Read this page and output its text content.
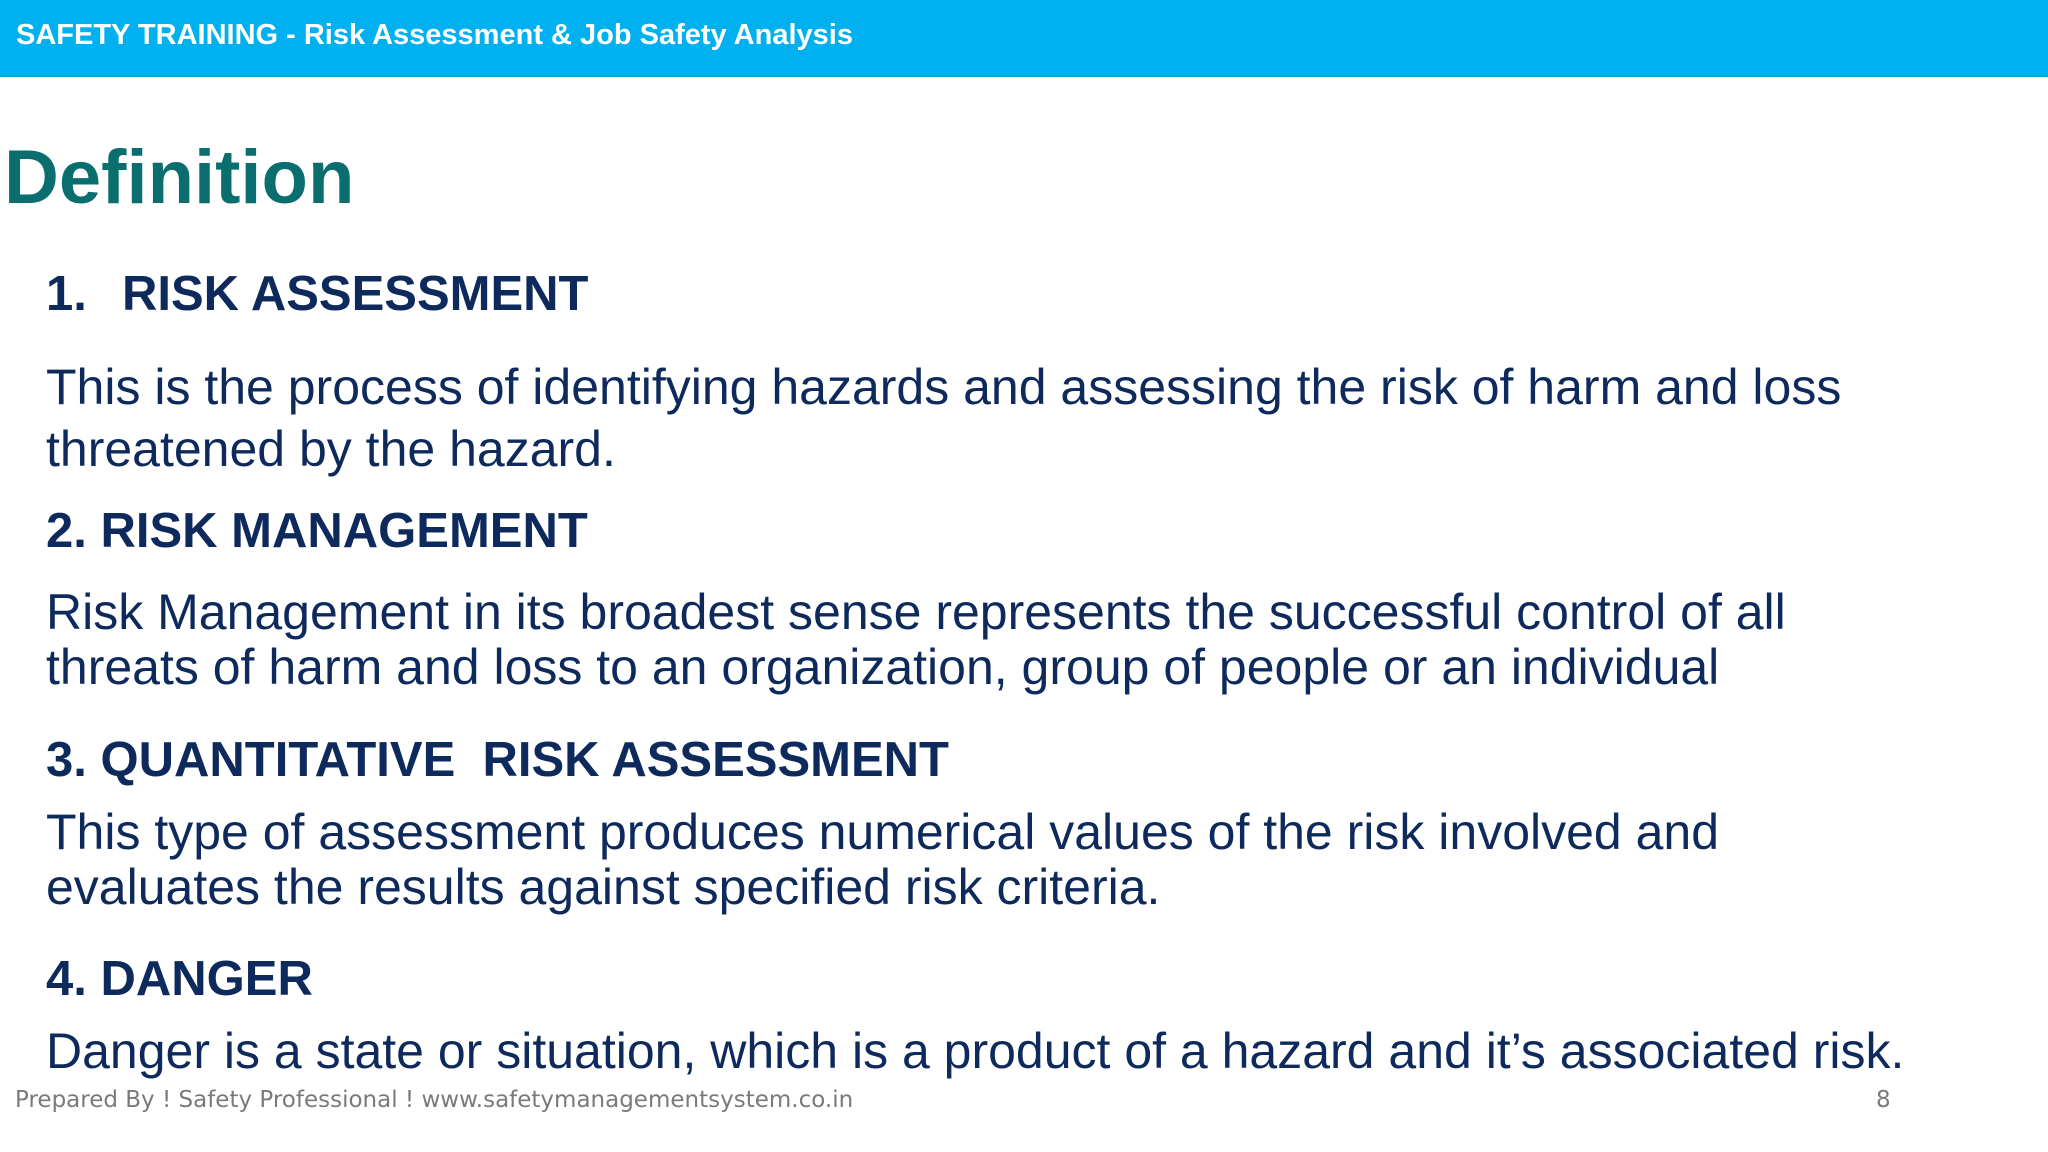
SAFETY TRAINING - Risk Assessment & Job Safety Analysis
Definition
1. RISK ASSESSMENT
This is the process of identifying hazards and assessing the risk of harm and loss
threatened by the hazard.
2. RISK MANAGEMENT
Risk Management in its broadest sense represents the successful control of all
threats of harm and loss to an organization, group of people or an individual
3. QUANTITATIVE  RISK ASSESSMENT
This type of assessment produces numerical values of the risk involved and
evaluates the results against specified risk criteria.
4. DANGER
Danger is a state or situation, which is a product of a hazard and it’s associated risk.
Prepared By ! Safety Professional ! www.safetymanagementsystem.co.in	8
